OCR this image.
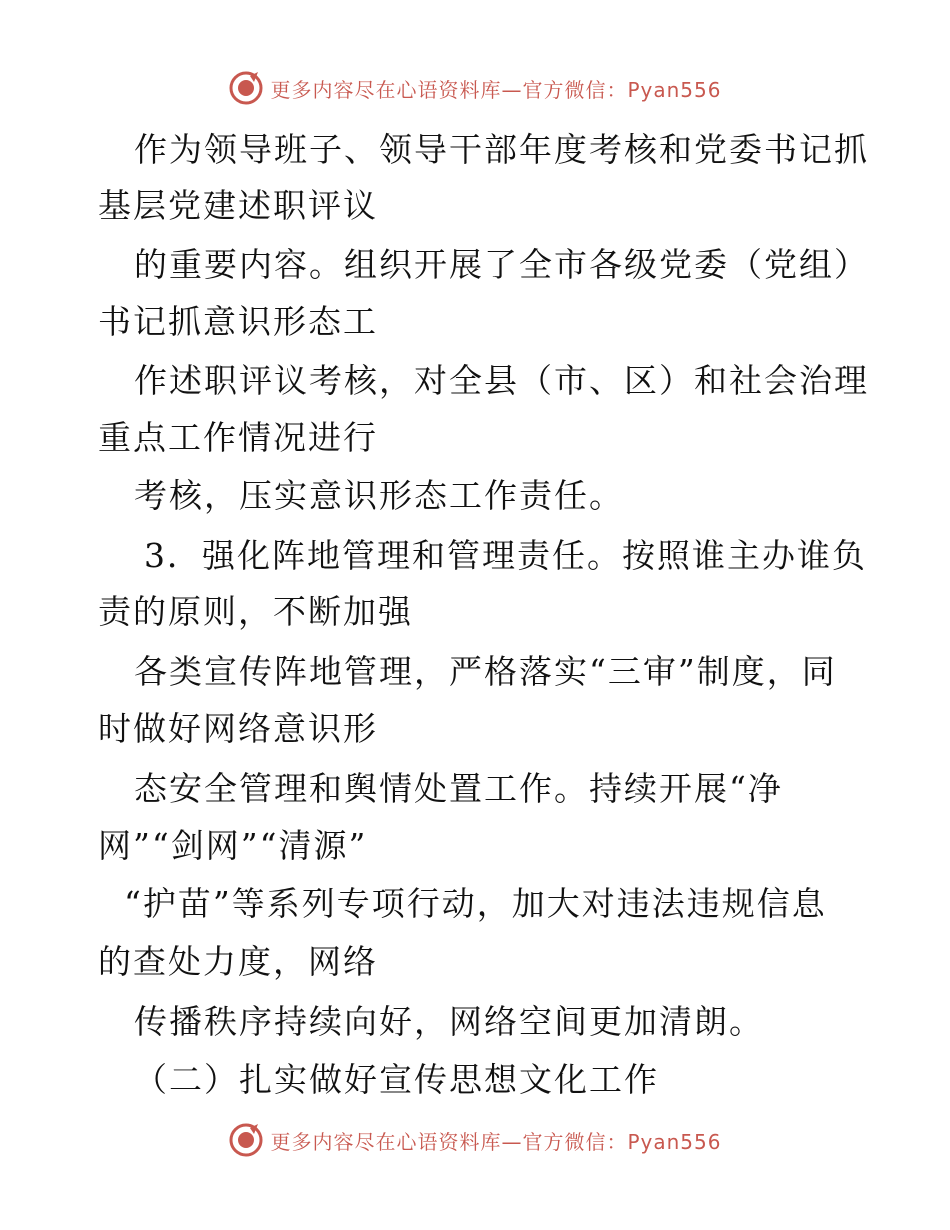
更多内容尽在心语资料库—官方微信：Pyan556
作为领导班子、领导干部年度考核和党委书记抓
基层党建述职评议
的重要内容。组织开展了全市各级党委（党组）
书记抓意识形态工
作述职评议考核，对全县（市、区）和社会治理
重点工作情况进行
考核，压实意识形态工作责任。
3．强化阵地管理和管理责任。按照谁主办谁负
责的原则，不断加强
各类宣传阵地管理，严格落实“三审”制度，同
时做好网络意识形
态安全管理和舆情处置工作。持续开展“净
网”“剑网”“清源”
“护苗”等系列专项行动，加大对违法违规信息
的查处力度，网络
传播秩序持续向好，网络空间更加清朗。
（二）扎实做好宣传思想文化工作
更多内容尽在心语资料库—官方微信：Pyan556
